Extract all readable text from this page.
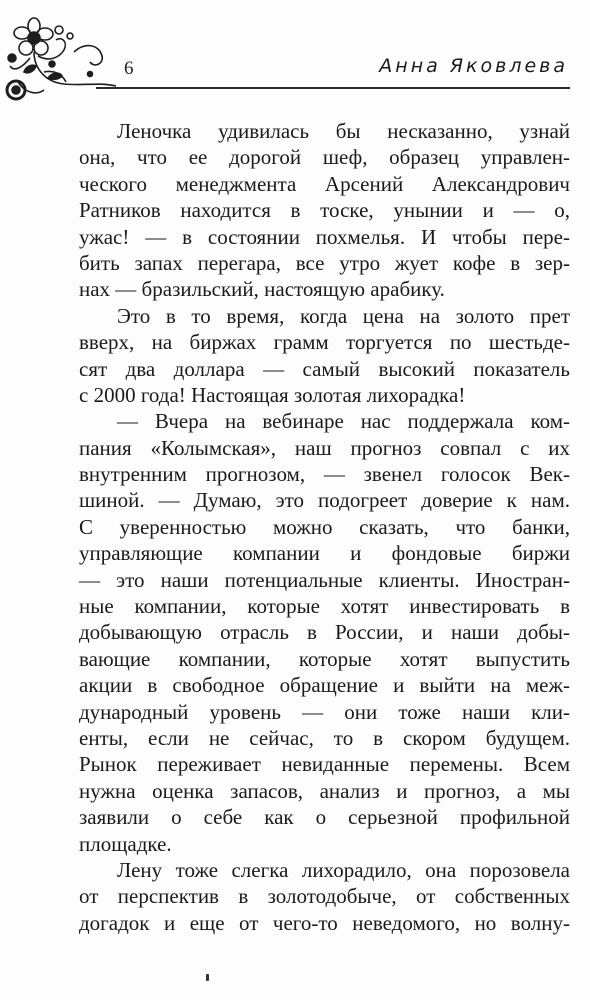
6	Анна Яковлева
Леночка удивилась бы несказанно, узнай
она, что ее дорогой шеф, образец управлен-
ческого менеджмента Арсений Александрович
Ратников находится в тоске, унынии и — о,
ужас! — в состоянии похмелья. И чтобы пере-
бить запах перегара, все утро жует кофе в зер-
нах — бразильский, настоящую арабику.
Это в то время, когда цена на золото прет
вверх, на биржах грамм торгуется по шестьде-
сят два доллара — самый высокий показатель
с 2000 года! Настоящая золотая лихорадка!
— Вчера на вебинаре нас поддержала ком-
пания «Колымская», наш прогноз совпал с их
внутренним прогнозом, — звенел голосок Век-
шиной. — Думаю, это подогреет доверие к нам.
С уверенностью можно сказать, что банки,
управляющие компании и фондовые биржи
— это наши потенциальные клиенты. Иностран-
ные компании, которые хотят инвестировать в
добывающую отрасль в России, и наши добы-
вающие компании, которые хотят выпустить
акции в свободное обращение и выйти на меж-
дународный уровень — они тоже наши кли-
енты, если не сейчас, то в скором будущем.
Рынок переживает невиданные перемены. Всем
нужна оценка запасов, анализ и прогноз, а мы
заявили о себе как о серьезной профильной
площадке.
Лену тоже слегка лихорадило, она порозовела
от перспектив в золотодобыче, от собственных
догадок и еще от чего-то неведомого, но волну-
